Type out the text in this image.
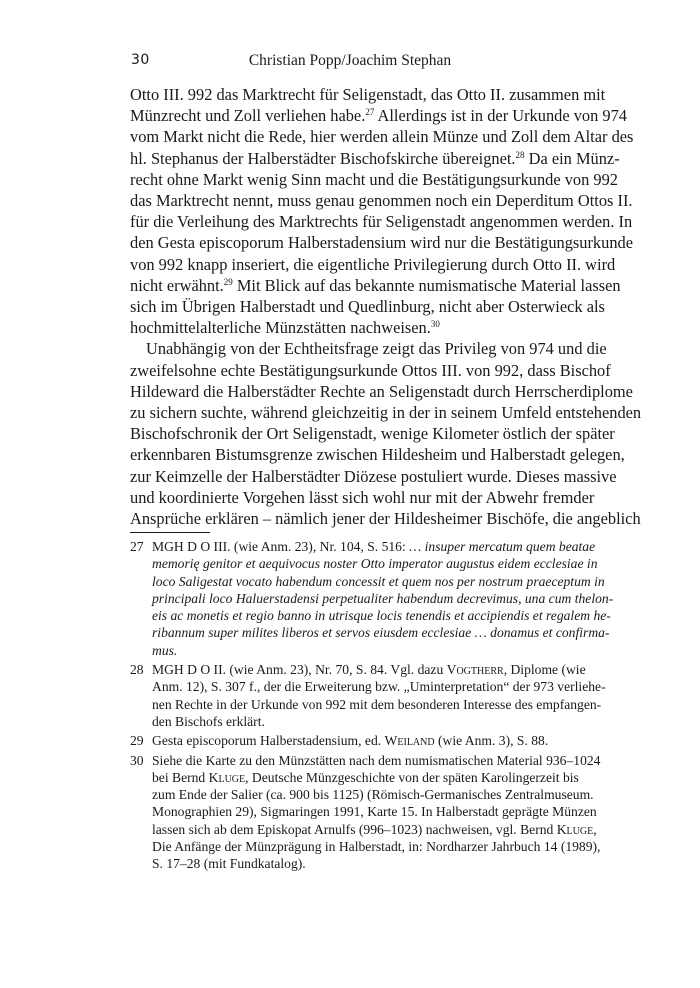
30	Christian Popp/Joachim Stephan

Otto III. 992 das Marktrecht für Seligenstadt, das Otto II. zusammen mit
Münzrecht und Zoll verliehen habe.$^{27}$ Allerdings ist in der Urkunde von 974
vom Markt nicht die Rede, hier werden allein Münze und Zoll dem Altar des
hl. Stephanus der Halberstädter Bischofskirche übereignet.$^{28}$ Da ein Münz-
recht ohne Markt wenig Sinn macht und die Bestätigungsurkunde von 992
das Marktrecht nennt, muss genau genommen noch ein Deperditum Ottos II.
für die Verleihung des Marktrechts für Seligenstadt angenommen werden. In
den Gesta episcoporum Halberstadensium wird nur die Bestätigungsurkunde
von 992 knapp inseriert, die eigentliche Privilegierung durch Otto II. wird
nicht erwähnt.$^{29}$ Mit Blick auf das bekannte numismatische Material lassen
sich im Übrigen Halberstadt und Quedlinburg, nicht aber Osterwieck als
hochmittelalterliche Münzstätten nachweisen.$^{30}$

Unabhängig von der Echtheitsfrage zeigt das Privileg von 974 und die
zweifelsohne echte Bestätigungsurkunde Ottos III. von 992, dass Bischof
Hildeward die Halberstädter Rechte an Seligenstadt durch Herrscherdiplome
zu sichern suchte, während gleichzeitig in der in seinem Umfeld entstehenden
Bischofschronik der Ort Seligenstadt, wenige Kilometer östlich der später
erkennbaren Bistumsgrenze zwischen Hildesheim und Halberstadt gelegen,
zur Keimzelle der Halberstädter Diözese postuliert wurde. Dieses massive
und koordinierte Vorgehen lässt sich wohl nur mit der Abwehr fremder
Ansprüche erklären – nämlich jener der Hildesheimer Bischöfe, die angeblich

27 MGH D O III. (wie Anm. 23), Nr. 104, S. 516: … insuper mercatum quem beatae
memorię genitor et aequivocus noster Otto imperator augustus eidem ecclesiae in
loco Saligestat vocato habendum concessit et quem nos per nostrum praeceptum in
principali loco Haluerstadensi perpetualiter habendum decrevimus, una cum thelon-
eis ac monetis et regio banno in utrisque locis tenendis et accipiendis et regalem he-
ribannum super milites liberos et servos eiusdem ecclesiae … donamus et confirma-
mus.
28 MGH D O II. (wie Anm. 23), Nr. 70, S. 84. Vgl. dazu Vogtherr, Diplome (wie
Anm. 12), S. 307 f., der die Erweiterung bzw. „Uminterpretation“ der 973 verliehe-
nen Rechte in der Urkunde von 992 mit dem besonderen Interesse des empfangen-
den Bischofs erklärt.
29 Gesta episcoporum Halberstadensium, ed. Weiland (wie Anm. 3), S. 88.
30 Siehe die Karte zu den Münzstätten nach dem numismatischen Material 936–1024
bei Bernd Kluge, Deutsche Münzgeschichte von der späten Karolingerzeit bis
zum Ende der Salier (ca. 900 bis 1125) (Römisch-Germanisches Zentralmuseum.
Monographien 29), Sigmaringen 1991, Karte 15. In Halberstadt geprägte Münzen
lassen sich ab dem Episkopat Arnulfs (996–1023) nachweisen, vgl. Bernd Kluge,
Die Anfänge der Münzprägung in Halberstadt, in: Nordharzer Jahrbuch 14 (1989),
S. 17–28 (mit Fundkatalog).
